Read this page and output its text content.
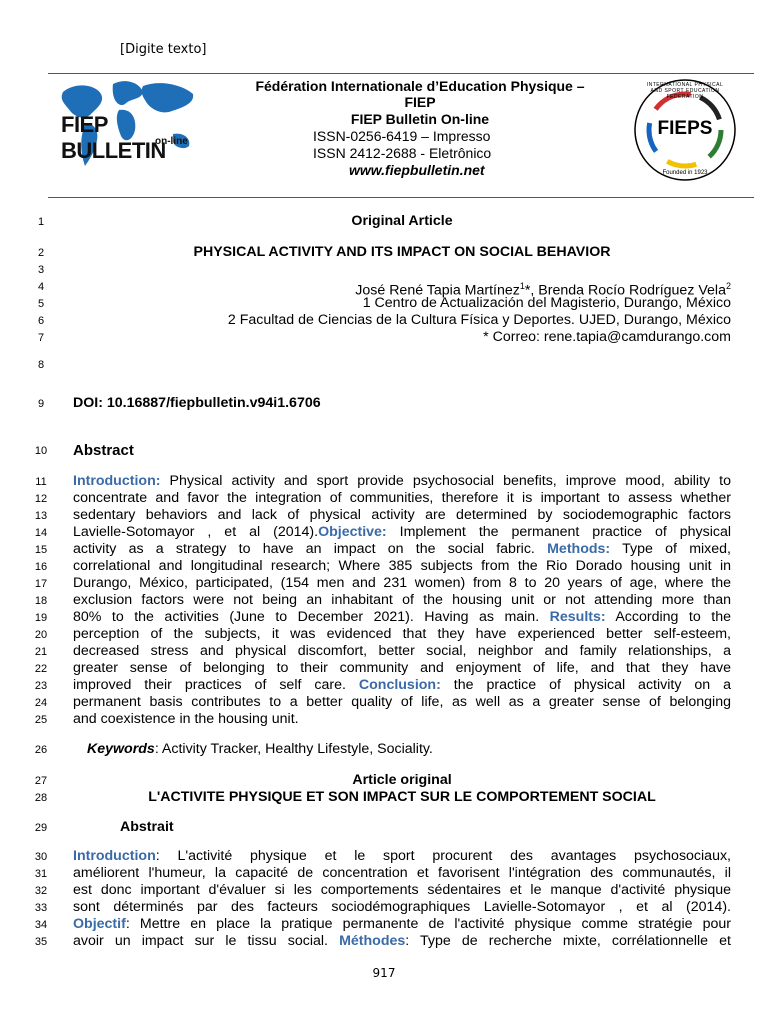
[Digite texto]
FIEP BULLETIN
on-line
Fédération Internationale d’Education Physique –
FIEP
FIEP Bulletin On-line
ISSN-0256-6419 – Impresso
ISSN 2412-2688 - Eletrônico
www.fiepbulletin.net
FIEPS
INTERNATIONAL PHYSICAL AND SPORT EDUCATION FEDERATION
Founded in 1923
1
2
3
4
5
6
7
8
9
10
11
12
13
14
15
16
17
18
19
20
21
22
23
24
25
26
27
28
29
30
31
32
33
34
35
Original Article
PHYSICAL ACTIVITY AND ITS IMPACT ON SOCIAL BEHAVIOR
José René Tapia Martínez$^1$*, Brenda Rocío Rodríguez Vela$^2$
1 Centro de Actualización del Magisterio, Durango, México
2 Facultad de Ciencias de la Cultura Física y Deportes. UJED, Durango, México
* Correo: rene.tapia@camdurango.com
DOI: 10.16887/fiepbulletin.v94i1.6706
Abstract
Introduction: Physical activity and sport provide psychosocial benefits, improve mood, ability to
concentrate and favor the integration of communities, therefore it is important to assess whether
sedentary behaviors and lack of physical activity are determined by sociodemographic factors
Lavielle-Sotomayor , et al (2014).Objective: Implement the permanent practice of physical
activity as a strategy to have an impact on the social fabric. Methods: Type of mixed,
correlational and longitudinal research; Where 385 subjects from the Rio Dorado housing unit in
Durango, México, participated, (154 men and 231 women) from 8 to 20 years of age, where the
exclusion factors were not being an inhabitant of the housing unit or not attending more than
80% to the activities (June to December 2021). Having as main. Results: According to the
perception of the subjects, it was evidenced that they have experienced better self-esteem,
decreased stress and physical discomfort, better social, neighbor and family relationships, a
greater sense of belonging to their community and enjoyment of life, and that they have
improved their practices of self care. Conclusion: the practice of physical activity on a
permanent basis contributes to a better quality of life, as well as a greater sense of belonging
and coexistence in the housing unit.
Keywords: Activity Tracker, Healthy Lifestyle, Sociality.
Article original
L'ACTIVITE PHYSIQUE ET SON IMPACT SUR LE COMPORTEMENT SOCIAL
Abstrait
Introduction: L'activité physique et le sport procurent des avantages psychosociaux,
améliorent l'humeur, la capacité de concentration et favorisent l'intégration des communautés, il
est donc important d'évaluer si les comportements sédentaires et le manque d'activité physique
sont déterminés par des facteurs sociodémographiques Lavielle-Sotomayor , et al (2014).
Objectif: Mettre en place la pratique permanente de l'activité physique comme stratégie pour
avoir un impact sur le tissu social. Méthodes: Type de recherche mixte, corrélationnelle et
917
